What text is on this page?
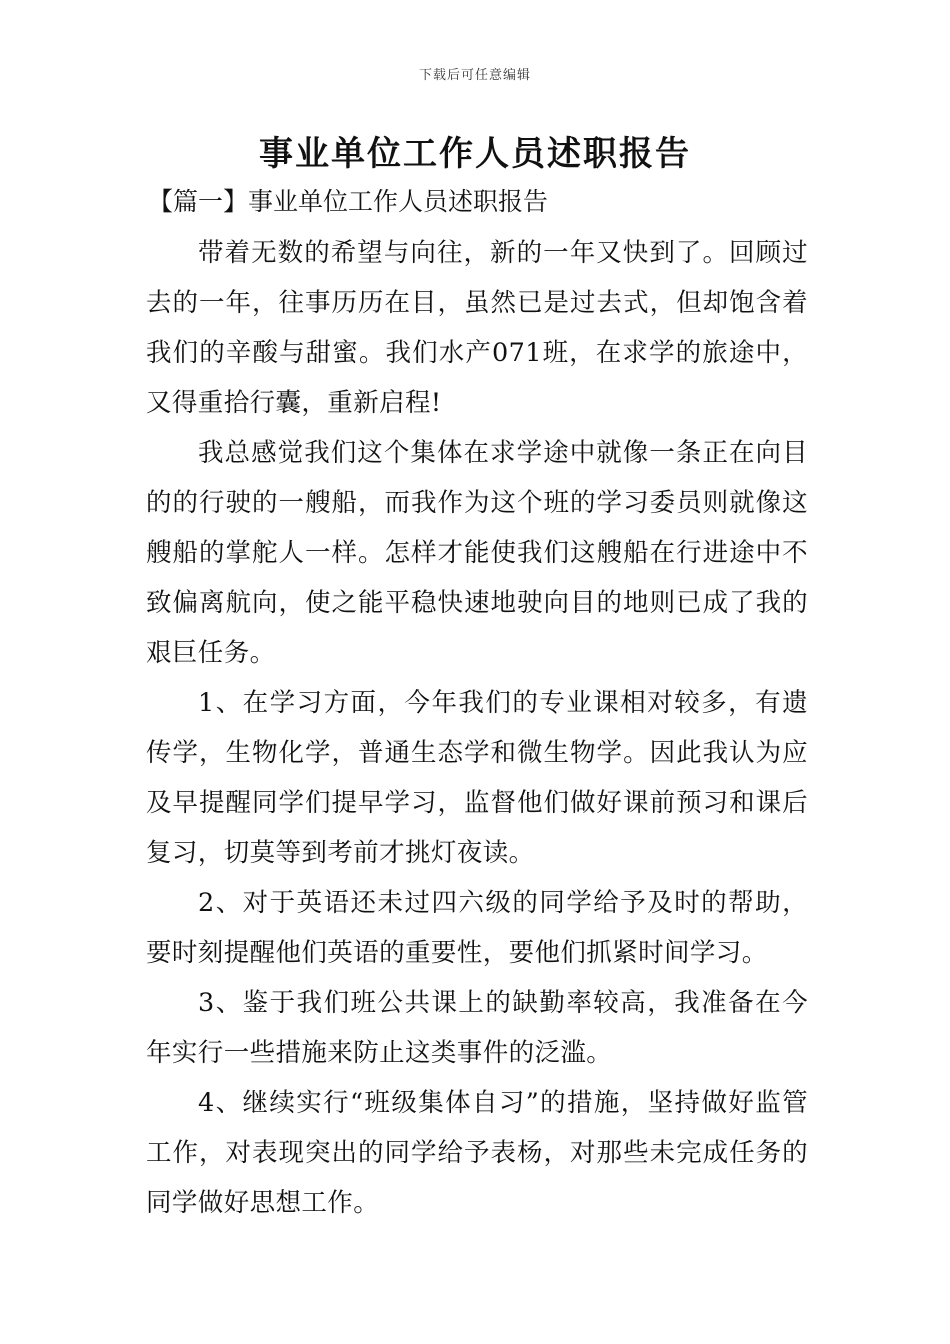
下载后可任意编辑
事业单位工作人员述职报告
【篇一】事业单位工作人员述职报告

带着无数的希望与向往，新的一年又快到了。回顾过去的一年，往事历历在目，虽然已是过去式，但却饱含着我们的辛酸与甜蜜。我们水产071班，在求学的旅途中，又得重拾行囊，重新启程!

我总感觉我们这个集体在求学途中就像一条正在向目的的行驶的一艘船，而我作为这个班的学习委员则就像这艘船的掌舵人一样。怎样才能使我们这艘船在行进途中不致偏离航向，使之能平稳快速地驶向目的地则已成了我的艰巨任务。

1、在学习方面，今年我们的专业课相对较多，有遗传学，生物化学，普通生态学和微生物学。因此我认为应及早提醒同学们提早学习，监督他们做好课前预习和课后复习，切莫等到考前才挑灯夜读。

2、对于英语还未过四六级的同学给予及时的帮助，要时刻提醒他们英语的重要性，要他们抓紧时间学习。

3、鉴于我们班公共课上的缺勤率较高，我准备在今年实行一些措施来防止这类事件的泛滥。

4、继续实行“班级集体自习”的措施，坚持做好监管工作，对表现突出的同学给予表杨，对那些未完成任务的同学做好思想工作。
